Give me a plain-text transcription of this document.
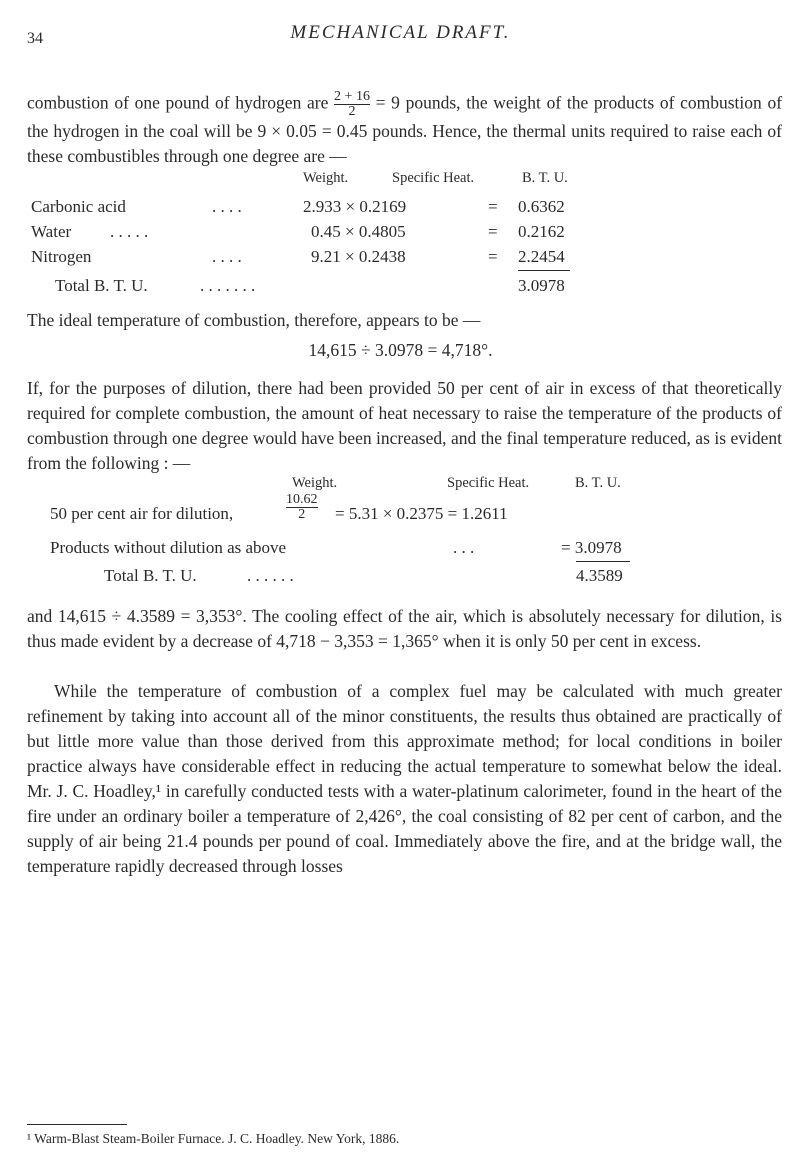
34	MECHANICAL DRAFT.

combustion of one pound of hydrogen are $\frac{2 + 16}{2} = 9$ pounds, the weight of the products of combustion of the hydrogen in the coal will be 9 × 0.05 = 0.45 pounds. Hence, the thermal units required to raise each of these combustibles through one degree are —

Weight.	Specific Heat.	B. T. U.
Carbonic acid	. . . .	2.933 × 0.2169	= 0.6362
Water . . . . .	0.45 × 0.4805	= 0.2162
Nitrogen	. . . .	9.21 × 0.2438	= 2.2454
Total B. T. U.	. . . . . . .	3.0978

The ideal temperature of combustion, therefore, appears to be —

14,615 ÷ 3.0978 = 4,718°.

If, for the purposes of dilution, there had been provided 50 per cent of air in excess of that theoretically required for complete combustion, the amount of heat necessary to raise the temperature of the products of combustion through one degree would have been increased, and the final temperature reduced, as is evident from the following : —

Weight.	Specific Heat.	B. T. U.
50 per cent air for dilution,	$\frac{10.62}{2} = 5.31 \times 0.2375 = 1.2611$
Products without dilution as above	. . .	= 3.0978
Total B. T. U.	. . . . . .	4.3589

and 14,615 ÷ 4.3589 = 3,353°. The cooling effect of the air, which is absolutely necessary for dilution, is thus made evident by a decrease of 4,718 − 3,353 = 1,365° when it is only 50 per cent in excess.

While the temperature of combustion of a complex fuel may be calculated with much greater refinement by taking into account all of the minor constituents, the results thus obtained are practically of but little more value than those derived from this approximate method; for local conditions in boiler practice always have considerable effect in reducing the actual temperature to somewhat below the ideal. Mr. J. C. Hoadley,¹ in carefully conducted tests with a water-platinum calorimeter, found in the heart of the fire under an ordinary boiler a temperature of 2,426°, the coal consisting of 82 per cent of carbon, and the supply of air being 21.4 pounds per pound of coal. Immediately above the fire, and at the bridge wall, the temperature rapidly decreased through losses

¹ Warm-Blast Steam-Boiler Furnace. J. C. Hoadley. New York, 1886.
